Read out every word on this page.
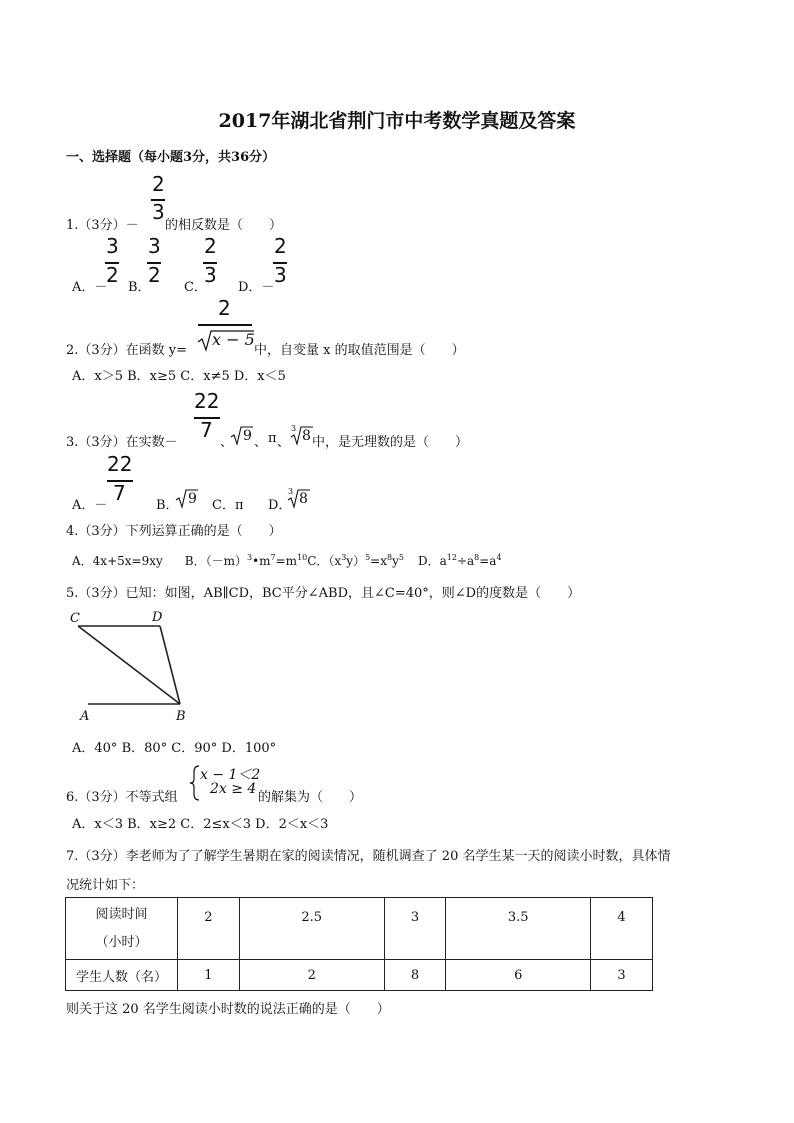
2017年湖北省荆门市中考数学真题及答案
一、选择题（每小题3分，共36分）
2
3
1.（3分）－ 的相反数是（　　）
3
2
A．－ B．
3
2
C．
2
3
D．－
2
3
2
x − 5
2.（3分）在函数 y=	中，自变量 x 的取值范围是（　　）
A．x＞5 B．x≥5 C．x≠5 D．x＜5
22
7
3.（3分）在实数－	、 9 、 π 、
3 8 中，是无理数的是（　　）
22
7
A．－	B． 9 C．π D．
3 8
4.（3分）下列运算正确的是（　　）
A．4x+5x=9xy B．$(-m)^3•m^7=m^{10}C$．$(x^3y)^5=x^8y^5$ D．$a^{12}\div a^8=a^4$
5.（3分）已知：如图，AB∥CD，BC平分∠ABD，且∠C=40°，则∠D的度数是（　　）
C	D
A	B
A．40° B．80° C．90° D．100°
6.（3分）不等式组
x − 1＜2
2x ≥ 4
的解集为（　　）
A．x＜3 B．x≥2 C．2≤x＜3 D．2＜x＜3
7.（3分）李老师为了了解学生暑期在家的阅读情况，随机调查了 20 名学生某一天的阅读小时数，具体情
况统计如下：
阅读时间
（小时）	2	2.5	3	3.5	4
学生人数（名）	1	2	8	6	3
则关于这 20 名学生阅读小时数的说法正确的是（　　）
